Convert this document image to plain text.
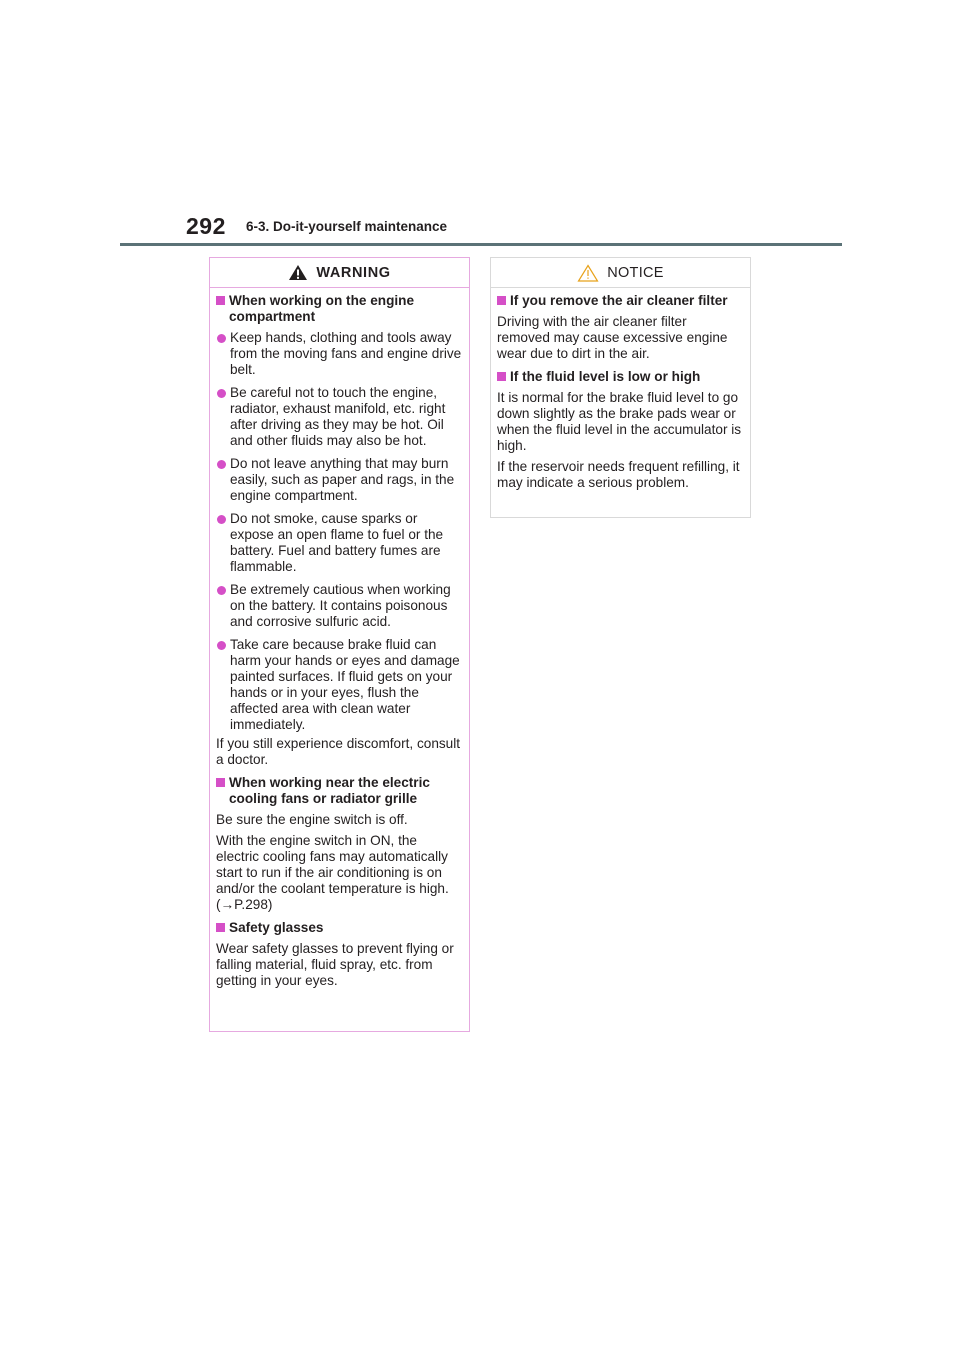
292 6-3. Do-it-yourself maintenance
WARNING
When working on the engine compartment
Keep hands, clothing and tools away from the moving fans and engine drive belt.
Be careful not to touch the engine, radiator, exhaust manifold, etc. right after driving as they may be hot. Oil and other fluids may also be hot.
Do not leave anything that may burn easily, such as paper and rags, in the engine compartment.
Do not smoke, cause sparks or expose an open flame to fuel or the battery. Fuel and battery fumes are flammable.
Be extremely cautious when working on the battery. It contains poisonous and corrosive sulfuric acid.
Take care because brake fluid can harm your hands or eyes and damage painted surfaces. If fluid gets on your hands or in your eyes, flush the affected area with clean water immediately.
If you still experience discomfort, consult a doctor.
When working near the electric cooling fans or radiator grille
Be sure the engine switch is off.
With the engine switch in ON, the electric cooling fans may automatically start to run if the air conditioning is on and/or the coolant temperature is high. (→P.298)
Safety glasses
Wear safety glasses to prevent flying or falling material, fluid spray, etc. from getting in your eyes.
NOTICE
If you remove the air cleaner filter
Driving with the air cleaner filter removed may cause excessive engine wear due to dirt in the air.
If the fluid level is low or high
It is normal for the brake fluid level to go down slightly as the brake pads wear or when the fluid level in the accumulator is high.
If the reservoir needs frequent refilling, it may indicate a serious problem.
